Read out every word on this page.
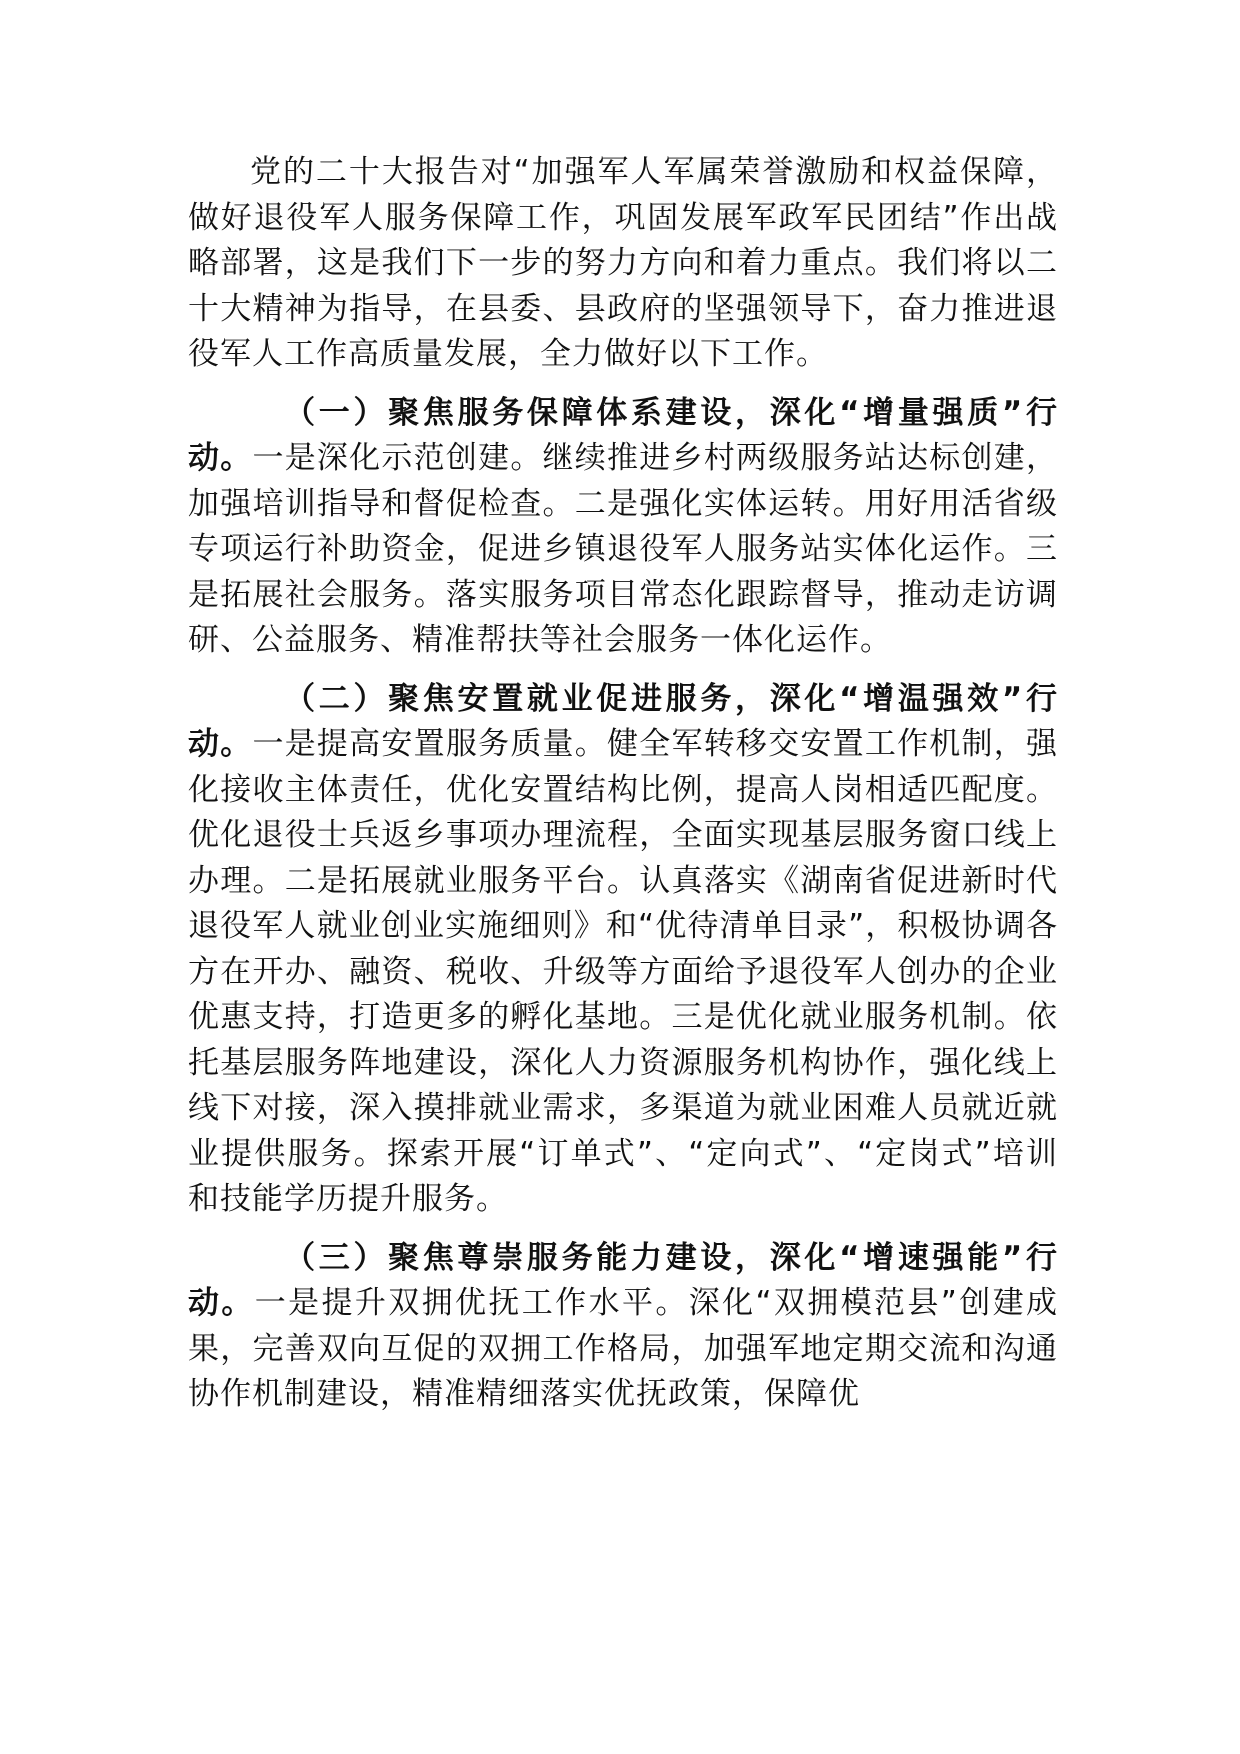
党的二十大报告对“加强军人军属荣誉激励和权益保障，做好退役军人服务保障工作，巩固发展军政军民团结”作出战略部署，这是我们下一步的努力方向和着力重点。我们将以二十大精神为指导，在县委、县政府的坚强领导下，奋力推进退役军人工作高质量发展，全力做好以下工作。

（一）聚焦服务保障体系建设，深化“增量强质”行动。一是深化示范创建。继续推进乡村两级服务站达标创建，加强培训指导和督促检查。二是强化实体运转。用好用活省级专项运行补助资金，促进乡镇退役军人服务站实体化运作。三是拓展社会服务。落实服务项目常态化跟踪督导，推动走访调研、公益服务、精准帮扶等社会服务一体化运作。

（二）聚焦安置就业促进服务，深化“增温强效”行动。一是提高安置服务质量。健全军转移交安置工作机制，强化接收主体责任，优化安置结构比例，提高人岗相适匹配度。优化退役士兵返乡事项办理流程，全面实现基层服务窗口线上办理。二是拓展就业服务平台。认真落实《湖南省促进新时代退役军人就业创业实施细则》和“优待清单目录”，积极协调各方在开办、融资、税收、升级等方面给予退役军人创办的企业优惠支持，打造更多的孵化基地。三是优化就业服务机制。依托基层服务阵地建设，深化人力资源服务机构协作，强化线上线下对接，深入摸排就业需求，多渠道为就业困难人员就近就业提供服务。探索开展“订单式”、“定向式”、“定岗式”培训和技能学历提升服务。

（三）聚焦尊崇服务能力建设，深化“增速强能”行动。一是提升双拥优抚工作水平。深化“双拥模范县”创建成果，完善双向互促的双拥工作格局，加强军地定期交流和沟通协作机制建设，精准精细落实优抚政策，保障优
